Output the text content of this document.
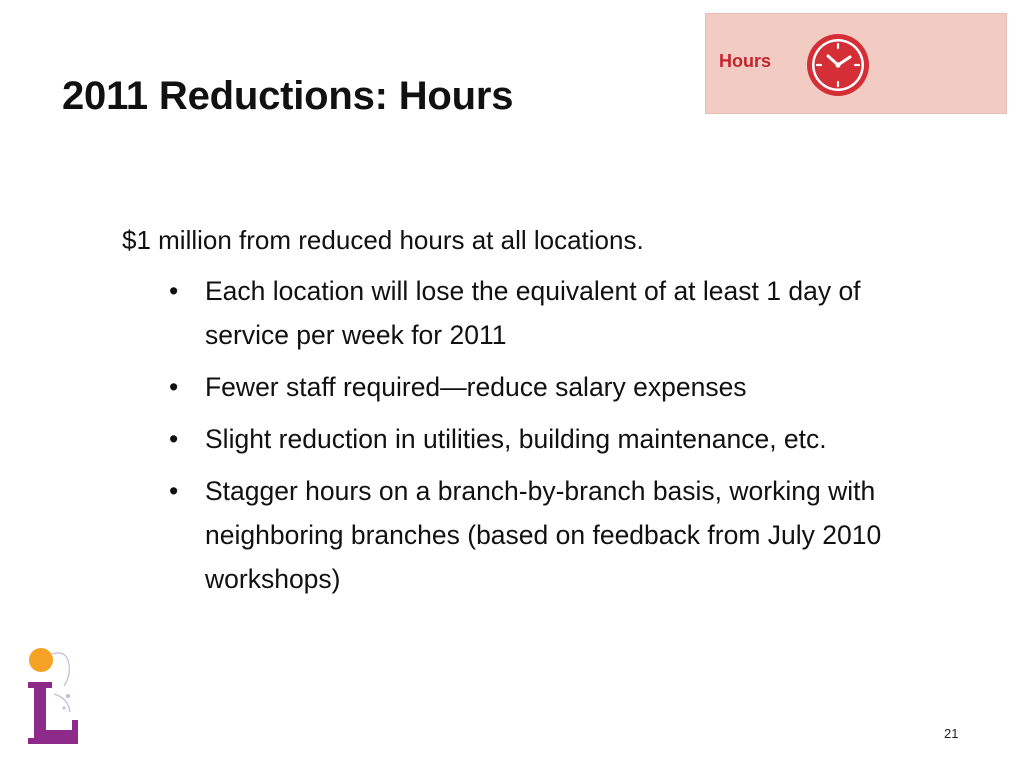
2011 Reductions: Hours
Hours

$1 million from reduced hours at all locations.

• Each location will lose the equivalent of at least 1 day of service per week for 2011
• Fewer staff required—reduce salary expenses
• Slight reduction in utilities, building maintenance, etc.
• Stagger hours on a branch-by-branch basis, working with neighboring branches (based on feedback from July 2010 workshops)
21
